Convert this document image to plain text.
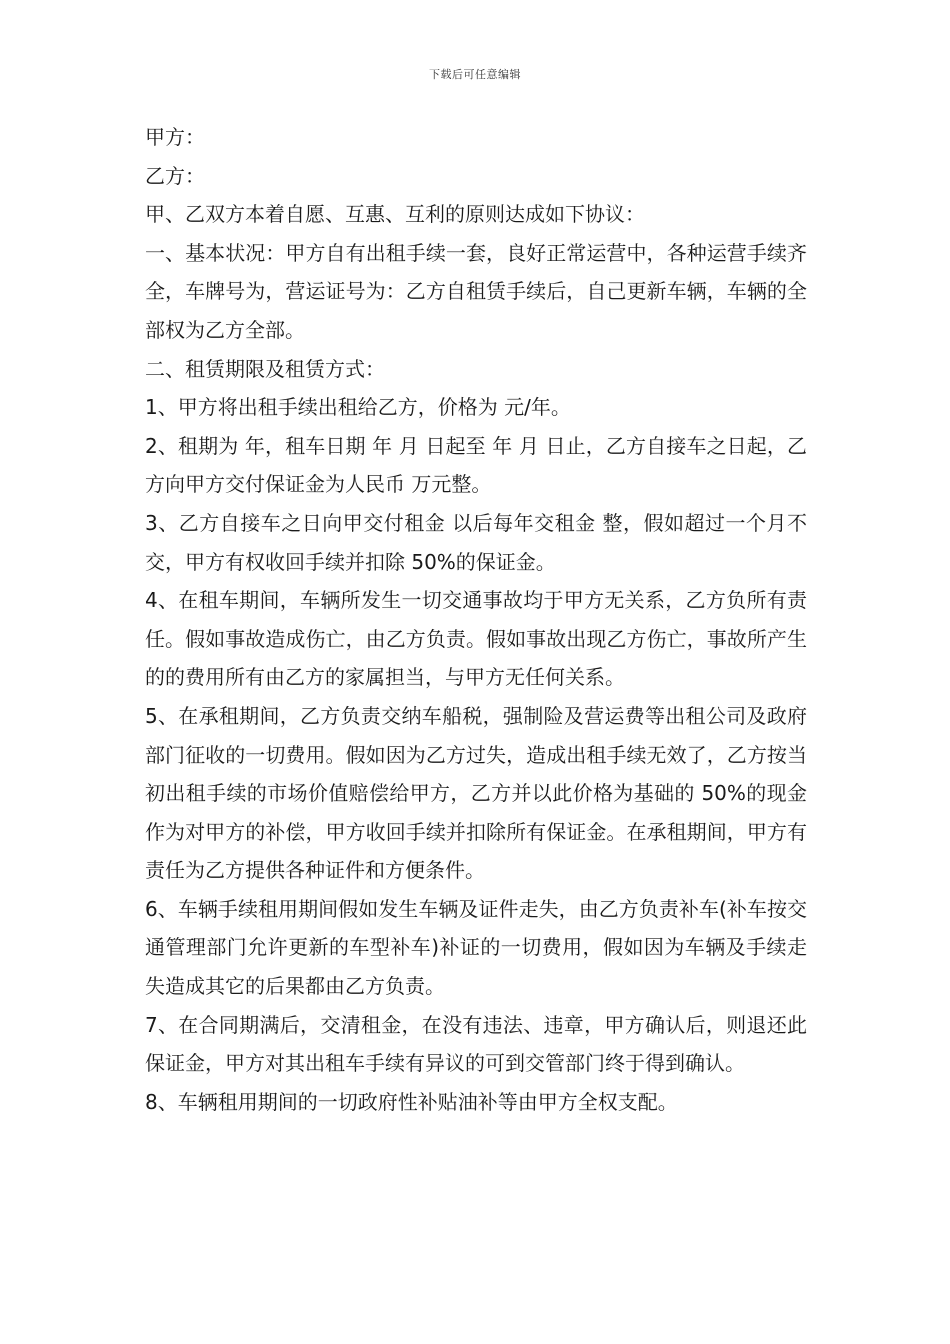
下载后可任意编辑

甲方：

乙方：

甲、乙双方本着自愿、互惠、互利的原则达成如下协议：

一、基本状况：甲方自有出租手续一套，良好正常运营中，各种运营手续齐全，车牌号为，营运证号为：乙方自租赁手续后，自己更新车辆，车辆的全部权为乙方全部。

二、租赁期限及租赁方式：

1、甲方将出租手续出租给乙方，价格为 元/年。

2、租期为 年，租车日期 年 月 日起至 年 月 日止，乙方自接车之日起，乙方向甲方交付保证金为人民币 万元整。

3、乙方自接车之日向甲交付租金 以后每年交租金 整，假如超过一个月不交，甲方有权收回手续并扣除 50%的保证金。

4、在租车期间，车辆所发生一切交通事故均于甲方无关系，乙方负所有责任。假如事故造成伤亡，由乙方负责。假如事故出现乙方伤亡，事故所产生的的费用所有由乙方的家属担当，与甲方无任何关系。

5、在承租期间，乙方负责交纳车船税，强制险及营运费等出租公司及政府部门征收的一切费用。假如因为乙方过失，造成出租手续无效了，乙方按当初出租手续的市场价值赔偿给甲方，乙方并以此价格为基础的 50%的现金作为对甲方的补偿，甲方收回手续并扣除所有保证金。在承租期间，甲方有责任为乙方提供各种证件和方便条件。

6、车辆手续租用期间假如发生车辆及证件走失，由乙方负责补车(补车按交通管理部门允许更新的车型补车)补证的一切费用，假如因为车辆及手续走失造成其它的后果都由乙方负责。

7、在合同期满后，交清租金，在没有违法、违章，甲方确认后，则退还此保证金，甲方对其出租车手续有异议的可到交管部门终于得到确认。

8、车辆租用期间的一切政府性补贴油补等由甲方全权支配。
